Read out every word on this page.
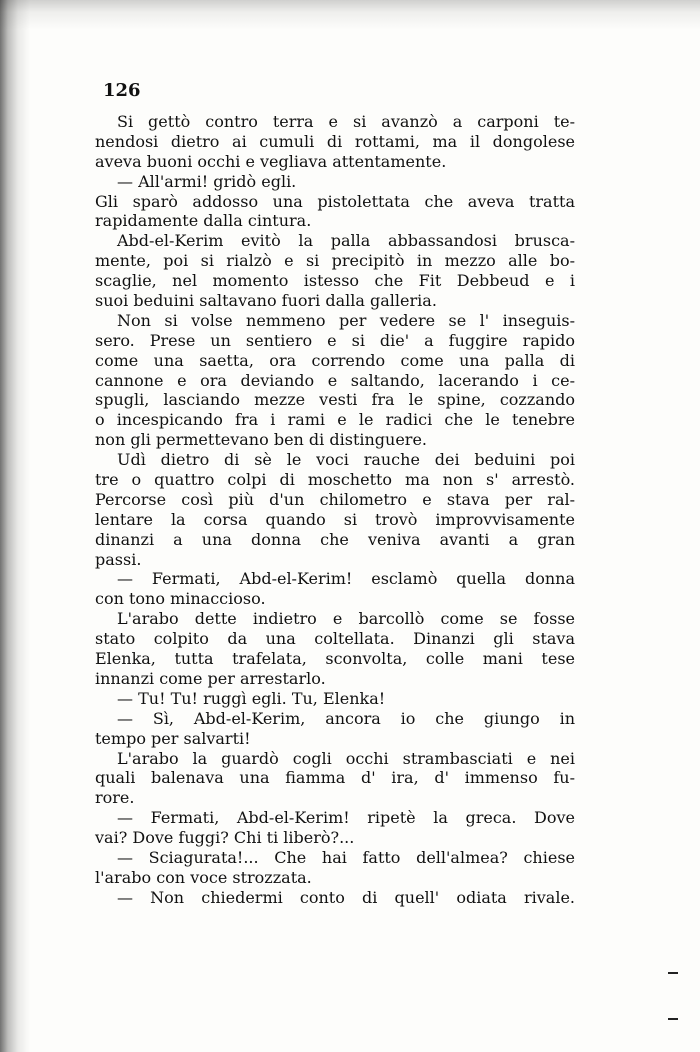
126
Si gettò contro terra e si avanzò a carponi te-
nendosi dietro ai cumuli di rottami, ma il dongolese
aveva buoni occhi e vegliava attentamente.
— All'armi! gridò egli.
Gli sparò addosso una pistolettata che aveva tratta
rapidamente dalla cintura.
Abd-el-Kerim evitò la palla abbassandosi brusca-
mente, poi si rialzò e si precipitò in mezzo alle bo-
scaglie, nel momento istesso che Fit Debbeud e i
suoi beduini saltavano fuori dalla galleria.
Non si volse nemmeno per vedere se l' inseguis-
sero. Prese un sentiero e si die' a fuggire rapido
come una saetta, ora correndo come una palla di
cannone e ora deviando e saltando, lacerando i ce-
spugli, lasciando mezze vesti fra le spine, cozzando
o incespicando fra i rami e le radici che le tenebre
non gli permettevano ben di distinguere.
Udì dietro di sè le voci rauche dei beduini poi
tre o quattro colpi di moschetto ma non s' arrestò.
Percorse così più d'un chilometro e stava per ral-
lentare la corsa quando si trovò improvvisamente
dinanzi a una donna che veniva avanti a gran
passi.
— Fermati, Abd-el-Kerim! esclamò quella donna
con tono minaccioso.
L'arabo dette indietro e barcollò come se fosse
stato colpito da una coltellata. Dinanzi gli stava
Elenka, tutta trafelata, sconvolta, colle mani tese
innanzi come per arrestarlo.
— Tu! Tu! ruggì egli. Tu, Elenka!
— Sì, Abd-el-Kerim, ancora io che giungo in
tempo per salvarti!
L'arabo la guardò cogli occhi strambasciati e nei
quali balenava una fiamma d' ira, d' immenso fu-
rore.
— Fermati, Abd-el-Kerim! ripetè la greca. Dove
vai? Dove fuggi? Chi ti liberò?...
— Sciagurata!... Che hai fatto dell'almea? chiese
l'arabo con voce strozzata.
— Non chiedermi conto di quell' odiata rivale.
